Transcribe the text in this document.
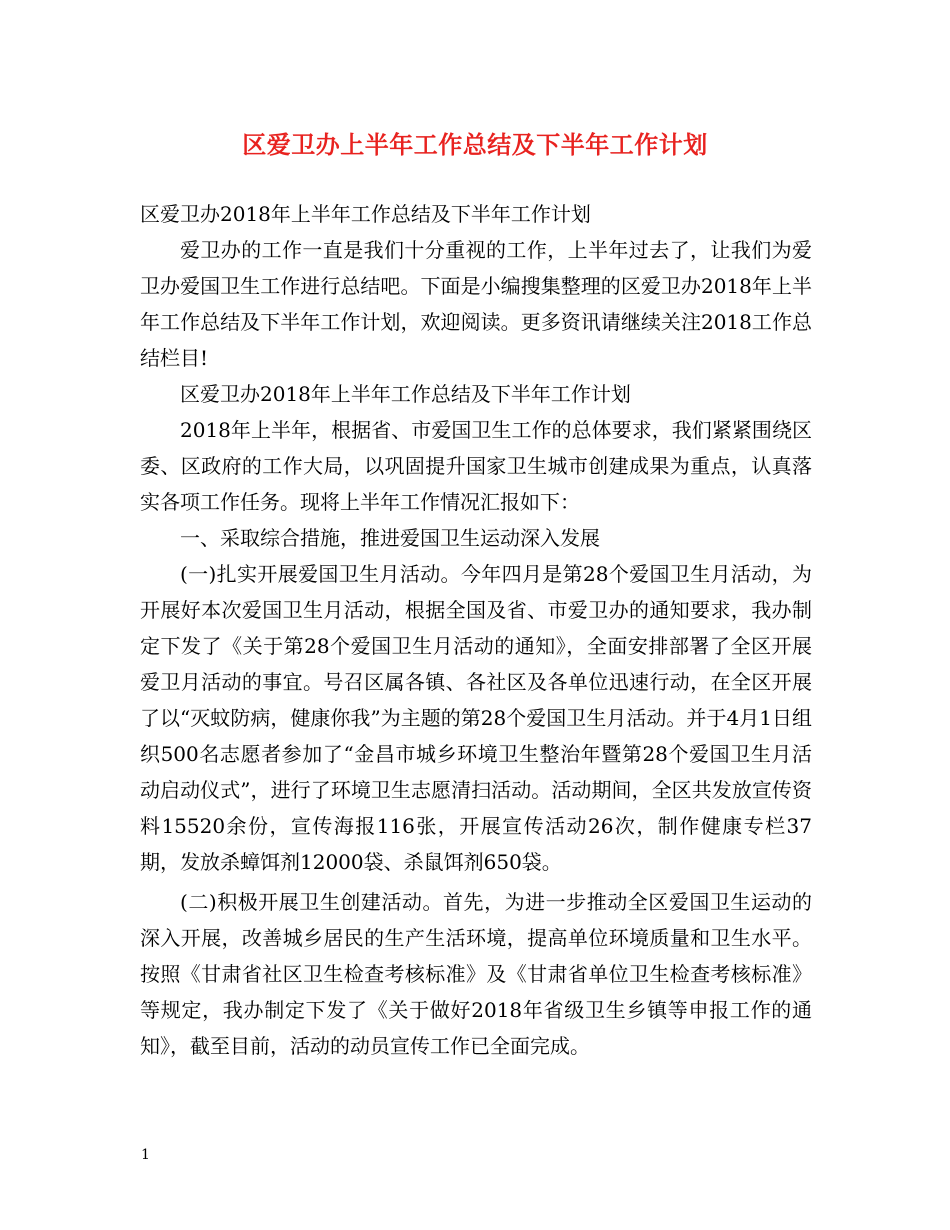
区爱卫办上半年工作总结及下半年工作计划

区爱卫办2018年上半年工作总结及下半年工作计划

爱卫办的工作一直是我们十分重视的工作，上半年过去了，让我们为爱卫办爱国卫生工作进行总结吧。下面是小编搜集整理的区爱卫办2018年上半年工作总结及下半年工作计划，欢迎阅读。更多资讯请继续关注2018工作总结栏目!

区爱卫办2018年上半年工作总结及下半年工作计划

2018年上半年，根据省、市爱国卫生工作的总体要求，我们紧紧围绕区委、区政府的工作大局，以巩固提升国家卫生城市创建成果为重点，认真落实各项工作任务。现将上半年工作情况汇报如下：

一、采取综合措施，推进爱国卫生运动深入发展

(一)扎实开展爱国卫生月活动。今年四月是第28个爱国卫生月活动，为开展好本次爱国卫生月活动，根据全国及省、市爱卫办的通知要求，我办制定下发了《关于第28个爱国卫生月活动的通知》，全面安排部署了全区开展爱卫月活动的事宜。号召区属各镇、各社区及各单位迅速行动，在全区开展了以“灭蚊防病，健康你我”为主题的第28个爱国卫生月活动。并于4月1日组织500名志愿者参加了“金昌市城乡环境卫生整治年暨第28个爱国卫生月活动启动仪式”，进行了环境卫生志愿清扫活动。活动期间，全区共发放宣传资料15520余份，宣传海报116张，开展宣传活动26次，制作健康专栏37期，发放杀蟑饵剂12000袋、杀鼠饵剂650袋。

(二)积极开展卫生创建活动。首先，为进一步推动全区爱国卫生运动的深入开展，改善城乡居民的生产生活环境，提高单位环境质量和卫生水平。按照《甘肃省社区卫生检查考核标准》及《甘肃省单位卫生检查考核标准》等规定，我办制定下发了《关于做好2018年省级卫生乡镇等申报工作的通知》，截至目前，活动的动员宣传工作已全面完成。

1
